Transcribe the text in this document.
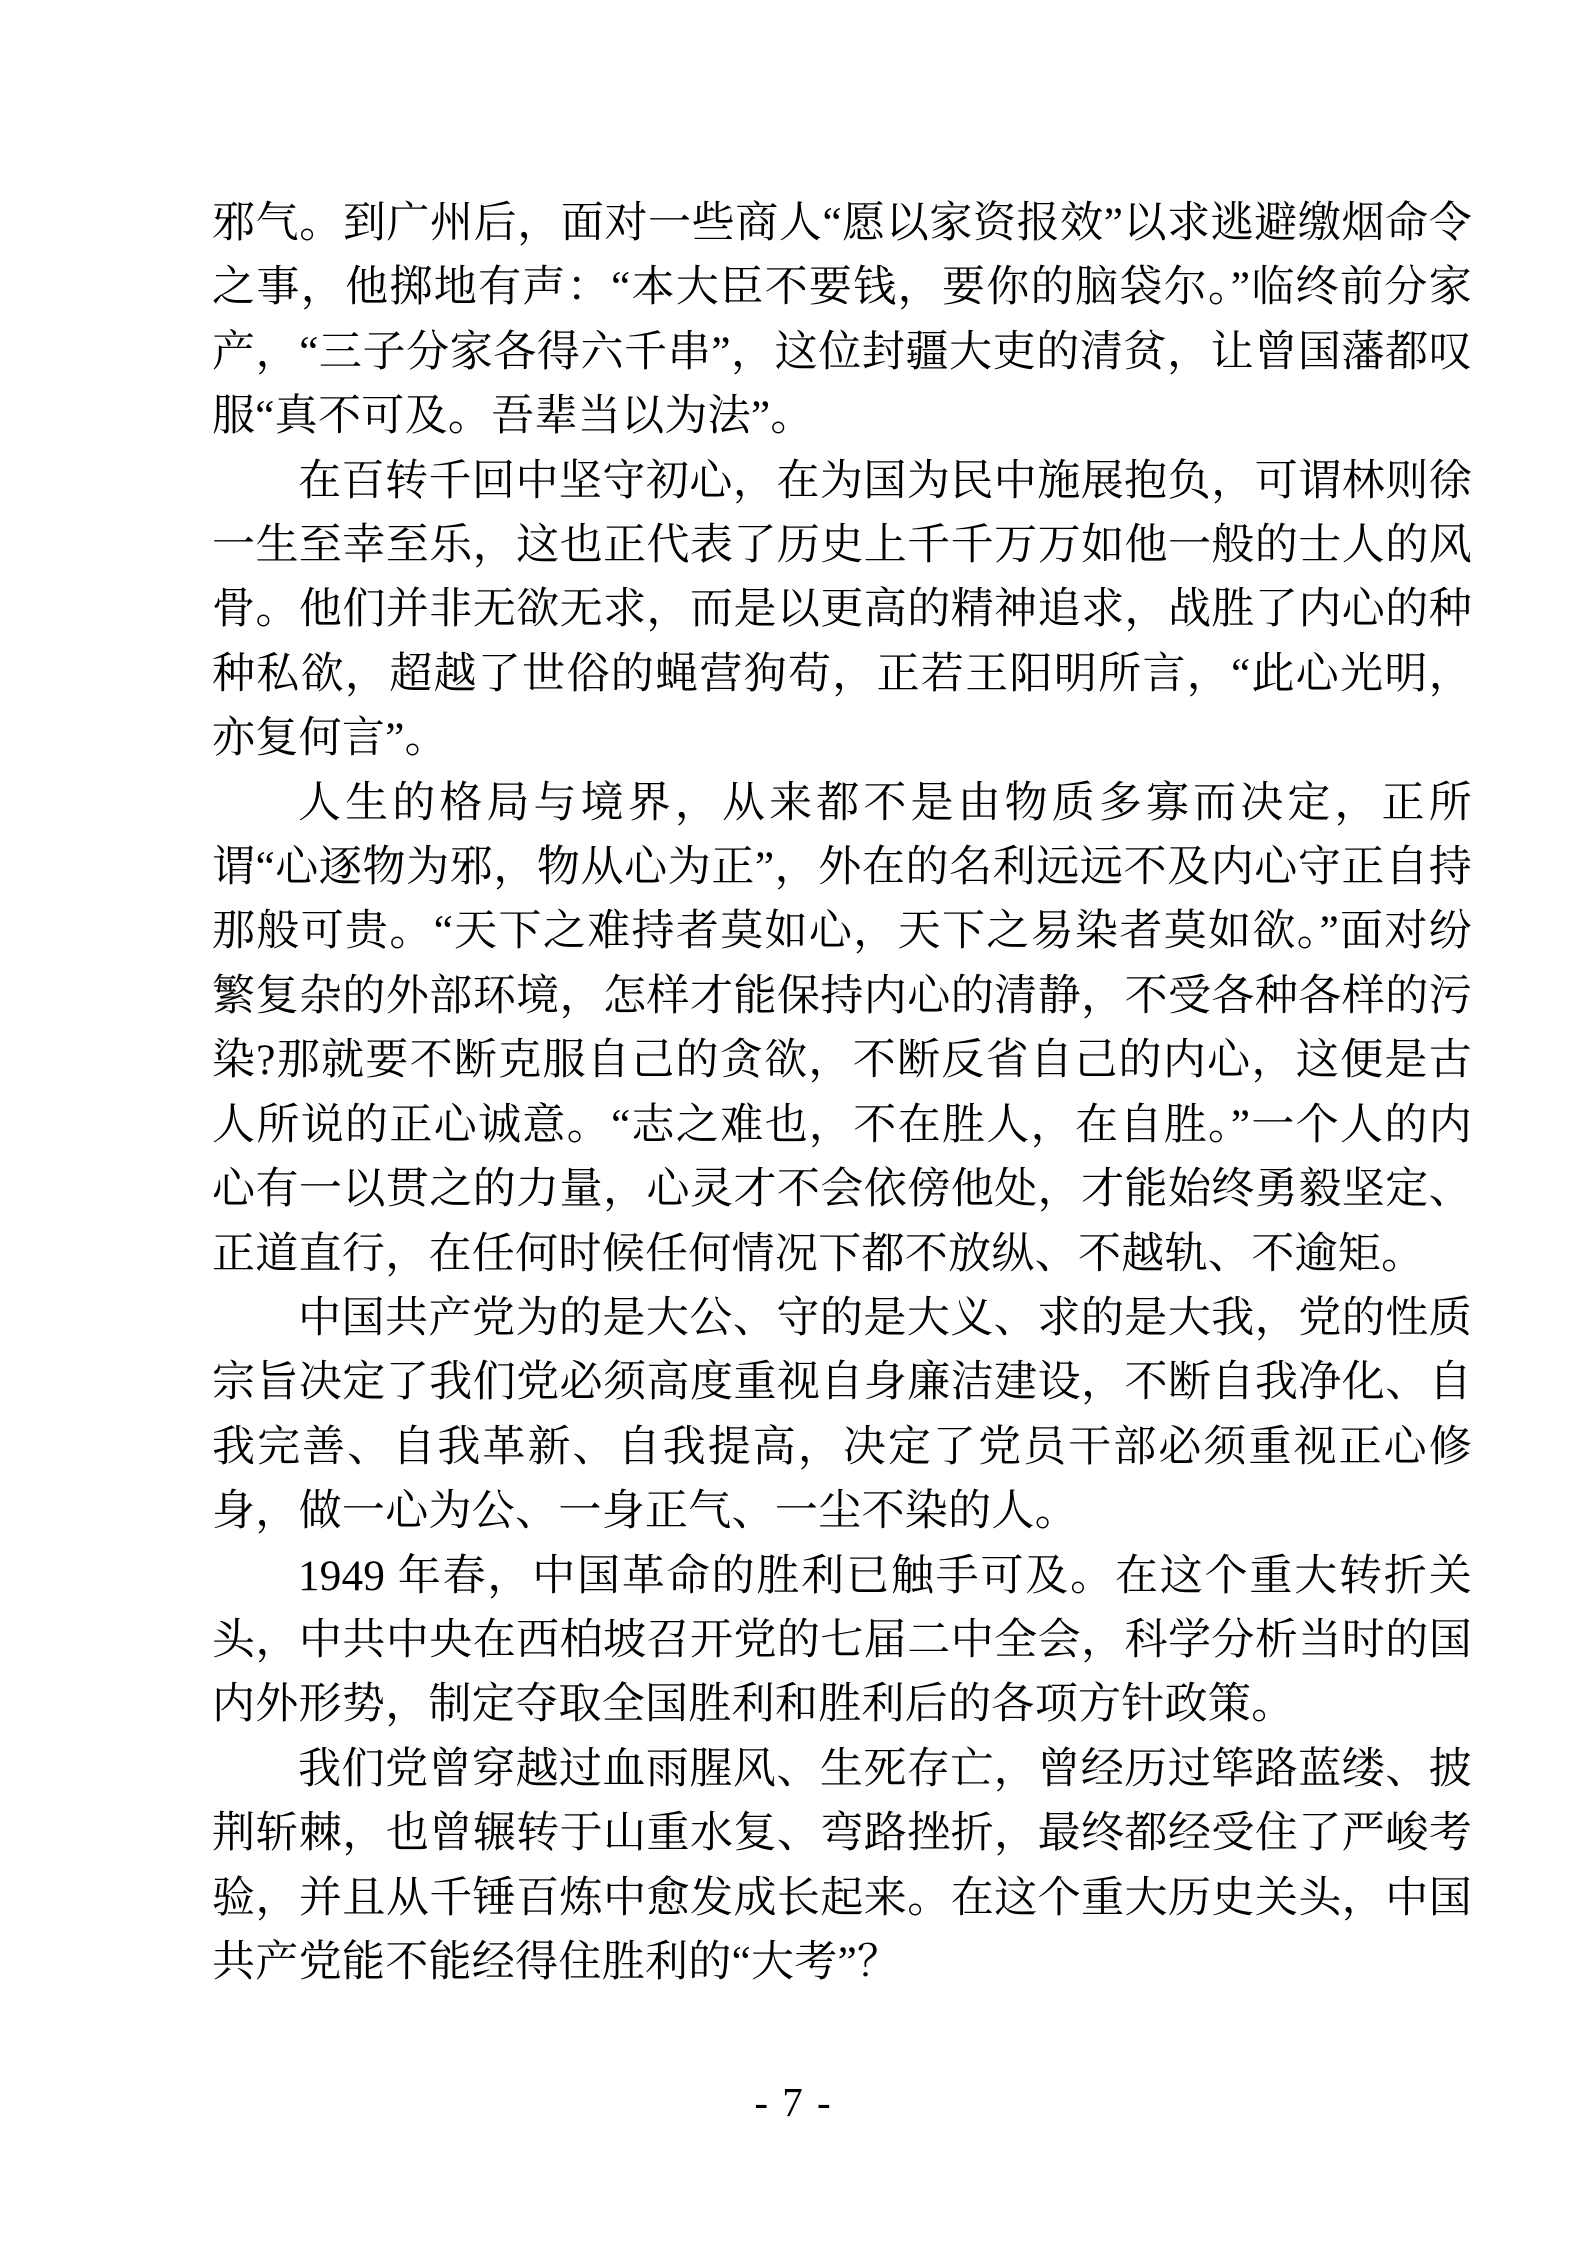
邪气。到广州后，面对一些商人“愿以家资报效”以求逃避缴烟命令之事，他掷地有声：“本大臣不要钱，要你的脑袋尔。”临终前分家产，“三子分家各得六千串”，这位封疆大吏的清贫，让曾国藩都叹服“真不可及。吾辈当以为法”。

在百转千回中坚守初心，在为国为民中施展抱负，可谓林则徐一生至幸至乐，这也正代表了历史上千千万万如他一般的士人的风骨。他们并非无欲无求，而是以更高的精神追求，战胜了内心的种种私欲，超越了世俗的蝇营狗苟，正若王阳明所言，“此心光明，亦复何言”。

人生的格局与境界，从来都不是由物质多寡而决定，正所谓“心逐物为邪，物从心为正”，外在的名利远远不及内心守正自持那般可贵。“天下之难持者莫如心，天下之易染者莫如欲。”面对纷繁复杂的外部环境，怎样才能保持内心的清静，不受各种各样的污染?那就要不断克服自己的贪欲，不断反省自己的内心，这便是古人所说的正心诚意。“志之难也，不在胜人，在自胜。”一个人的内心有一以贯之的力量，心灵才不会依傍他处，才能始终勇毅坚定、正道直行，在任何时候任何情况下都不放纵、不越轨、不逾矩。

中国共产党为的是大公、守的是大义、求的是大我，党的性质宗旨决定了我们党必须高度重视自身廉洁建设，不断自我净化、自我完善、自我革新、自我提高，决定了党员干部必须重视正心修身，做一心为公、一身正气、一尘不染的人。

1949 年春，中国革命的胜利已触手可及。在这个重大转折关头，中共中央在西柏坡召开党的七届二中全会，科学分析当时的国内外形势，制定夺取全国胜利和胜利后的各项方针政策。

我们党曾穿越过血雨腥风、生死存亡，曾经历过筚路蓝缕、披荆斩棘，也曾辗转于山重水复、弯路挫折，最终都经受住了严峻考验，并且从千锤百炼中愈发成长起来。在这个重大历史关头，中国共产党能不能经得住胜利的“大考”？

- 7 -
